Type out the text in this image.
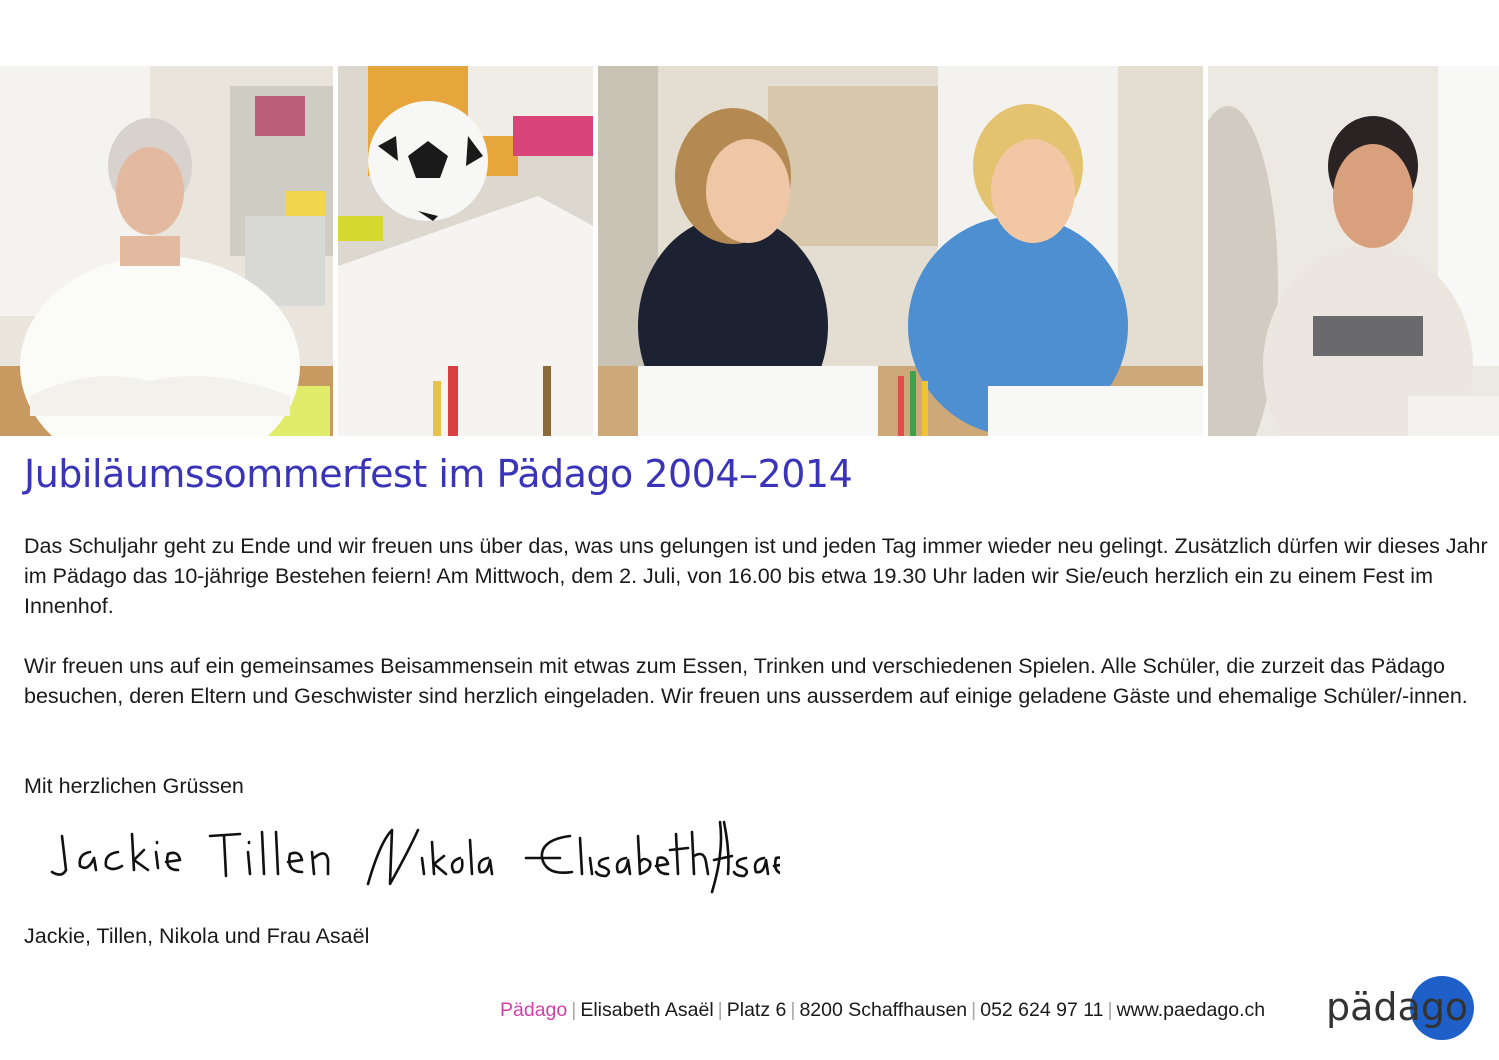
Jubiläumssommerfest im Pädago 2004–2014

Das Schuljahr geht zu Ende und wir freuen uns über das, was uns gelungen ist und jeden Tag immer wieder neu gelingt. Zusätzlich dürfen wir dieses Jahr im Pädago das 10-jährige Bestehen feiern! Am Mittwoch, dem 2. Juli, von 16.00 bis etwa 19.30 Uhr laden wir Sie/euch herzlich ein zu einem Fest im Innenhof.

Wir freuen uns auf ein gemeinsames Beisammensein mit etwas zum Essen, Trinken und verschiedenen Spielen. Alle Schüler, die zurzeit das Pädago besuchen, deren Eltern und Geschwister sind herzlich eingeladen. Wir freuen uns ausserdem auf einige geladene Gäste und ehemalige Schüler/-innen.

Mit herzlichen Grüssen

Jackie, Tillen, Nikola und Frau Asaël

Pädago | Elisabeth Asaël | Platz 6 | 8200 Schaffhausen | 052 624 97 11 | www.paedago.ch pädago
